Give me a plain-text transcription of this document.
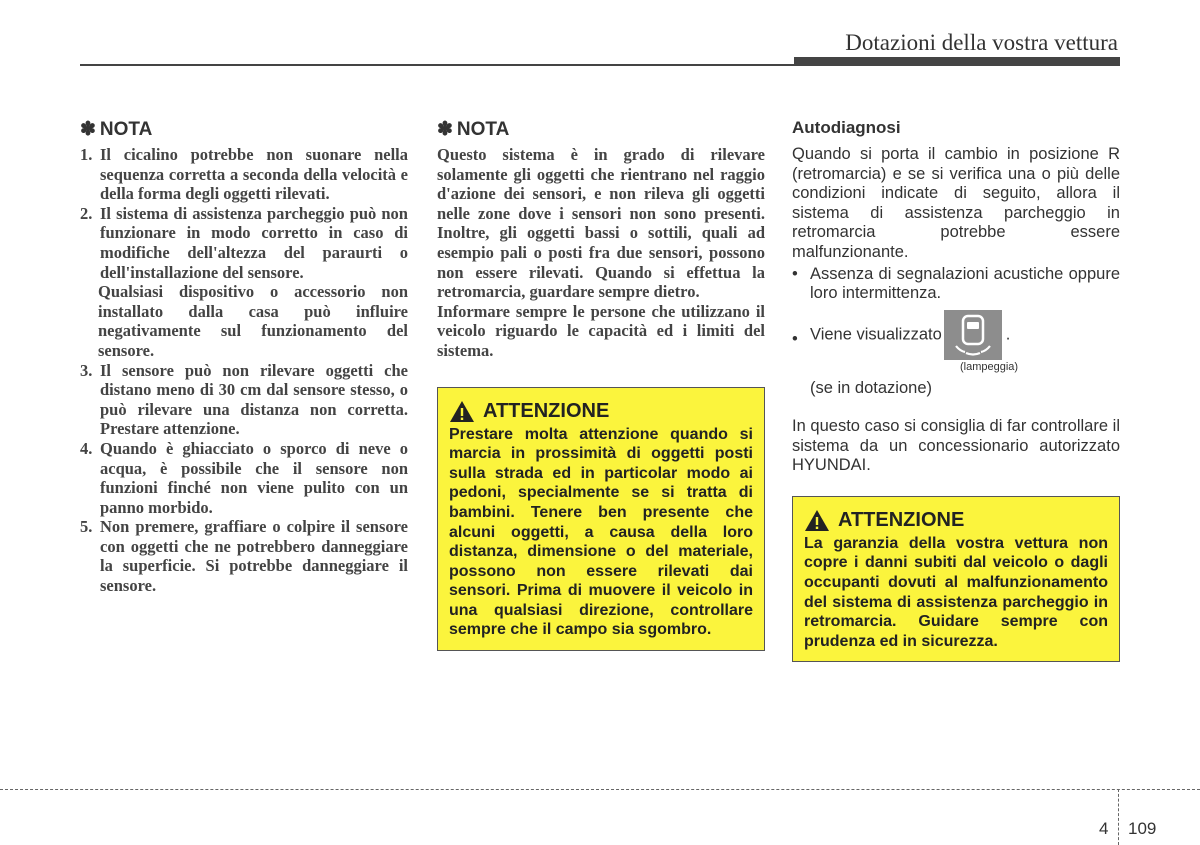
Dotazioni della vostra vettura
✽ NOTA
1. Il cicalino potrebbe non suonare nella sequenza corretta a seconda della velocità e della forma degli oggetti rilevati.
2. Il sistema di assistenza parcheggio può non funzionare in modo corretto in caso di modifiche dell'altezza del paraurti o dell'installazione del sensore.

Qualsiasi dispositivo o accessorio non installato dalla casa può influire negativamente sul funzionamento del sensore.

3. Il sensore può non rilevare oggetti che distano meno di 30 cm dal sensore stesso, o può rilevare una distanza non corretta. Prestare attenzione.
4. Quando è ghiacciato o sporco di neve o acqua, è possibile che il sensore non funzioni finché non viene pulito con un panno morbido.
5. Non premere, graffiare o colpire il sensore con oggetti che ne potrebbero danneggiare la superficie. Si potrebbe danneggiare il sensore.
✽ NOTA

Questo sistema è in grado di rilevare solamente gli oggetti che rientrano nel raggio d'azione dei sensori, e non rileva gli oggetti nelle zone dove i sensori non sono presenti. Inoltre, gli oggetti bassi o sottili, quali ad esempio pali o posti fra due sensori, possono non essere rilevati. Quando si effettua la retromarcia, guardare sempre dietro.

Informare sempre le persone che utilizzano il veicolo riguardo le capacità ed i limiti del sistema.

ATTENZIONE

Prestare molta attenzione quando si marcia in prossimità di oggetti posti sulla strada ed in particolar modo ai pedoni, specialmente se si tratta di bambini. Tenere ben presente che alcuni oggetti, a causa della loro distanza, dimensione o del materiale, possono non essere rilevati dai sensori. Prima di muovere il veicolo in una qualsiasi direzione, controllare sempre che il campo sia sgombro.

Autodiagnosi

Quando si porta il cambio in posizione R (retromarcia) e se si verifica una o più delle condizioni indicate di seguito, allora il sistema di assistenza parcheggio in retromarcia potrebbe essere malfunzionante.

• Assenza di segnalazioni acustiche oppure loro intermittenza.

• Viene visualizzato	.
(lampeggia)
(se in dotazione)

In questo caso si consiglia di far controllare il sistema da un concessionario autorizzato HYUNDAI.

ATTENZIONE

La garanzia della vostra vettura non copre i danni subiti dal veicolo o dagli occupanti dovuti al malfunzionamento del sistema di assistenza parcheggio in retromarcia. Guidare sempre con prudenza ed in sicurezza.

4 109
